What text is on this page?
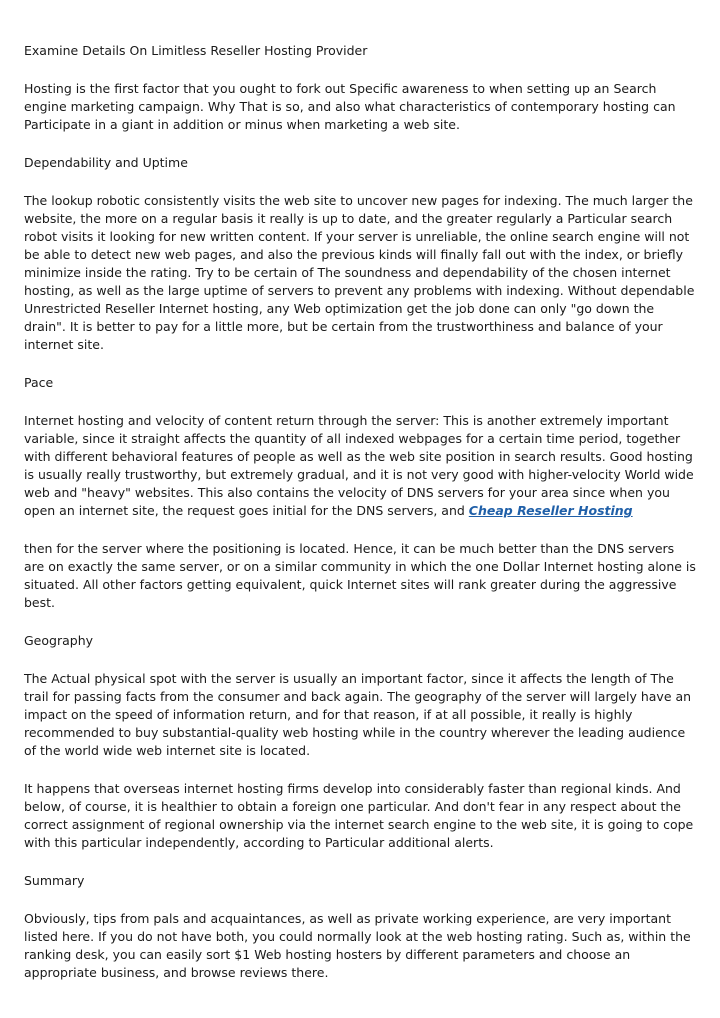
Examine Details On Limitless Reseller Hosting Provider

Hosting is the first factor that you ought to fork out Specific awareness to when setting up an Search engine marketing campaign. Why That is so, and also what characteristics of contemporary hosting can Participate in a giant in addition or minus when marketing a web site.

Dependability and Uptime

The lookup robotic consistently visits the web site to uncover new pages for indexing. The much larger the website, the more on a regular basis it really is up to date, and the greater regularly a Particular search robot visits it looking for new written content. If your server is unreliable, the online search engine will not be able to detect new web pages, and also the previous kinds will finally fall out with the index, or briefly minimize inside the rating. Try to be certain of The soundness and dependability of the chosen internet hosting, as well as the large uptime of servers to prevent any problems with indexing. Without dependable Unrestricted Reseller Internet hosting, any Web optimization get the job done can only "go down the drain". It is better to pay for a little more, but be certain from the trustworthiness and balance of your internet site.

Pace

Internet hosting and velocity of content return through the server: This is another extremely important variable, since it straight affects the quantity of all indexed webpages for a certain time period, together with different behavioral features of people as well as the web site position in search results. Good hosting is usually really trustworthy, but extremely gradual, and it is not very good with higher-velocity World wide web and "heavy" websites. This also contains the velocity of DNS servers for your area since when you open an internet site, the request goes initial for the DNS servers, and Cheap Reseller Hosting

then for the server where the positioning is located. Hence, it can be much better than the DNS servers are on exactly the same server, or on a similar community in which the one Dollar Internet hosting alone is situated. All other factors getting equivalent, quick Internet sites will rank greater during the aggressive best.

Geography

The Actual physical spot with the server is usually an important factor, since it affects the length of The trail for passing facts from the consumer and back again. The geography of the server will largely have an impact on the speed of information return, and for that reason, if at all possible, it really is highly recommended to buy substantial-quality web hosting while in the country wherever the leading audience of the world wide web internet site is located.

It happens that overseas internet hosting firms develop into considerably faster than regional kinds. And below, of course, it is healthier to obtain a foreign one particular. And don't fear in any respect about the correct assignment of regional ownership via the internet search engine to the web site, it is going to cope with this particular independently, according to Particular additional alerts.

Summary

Obviously, tips from pals and acquaintances, as well as private working experience, are very important listed here. If you do not have both, you could normally look at the web hosting rating. Such as, within the ranking desk, you can easily sort $1 Web hosting hosters by different parameters and choose an appropriate business, and browse reviews there.
